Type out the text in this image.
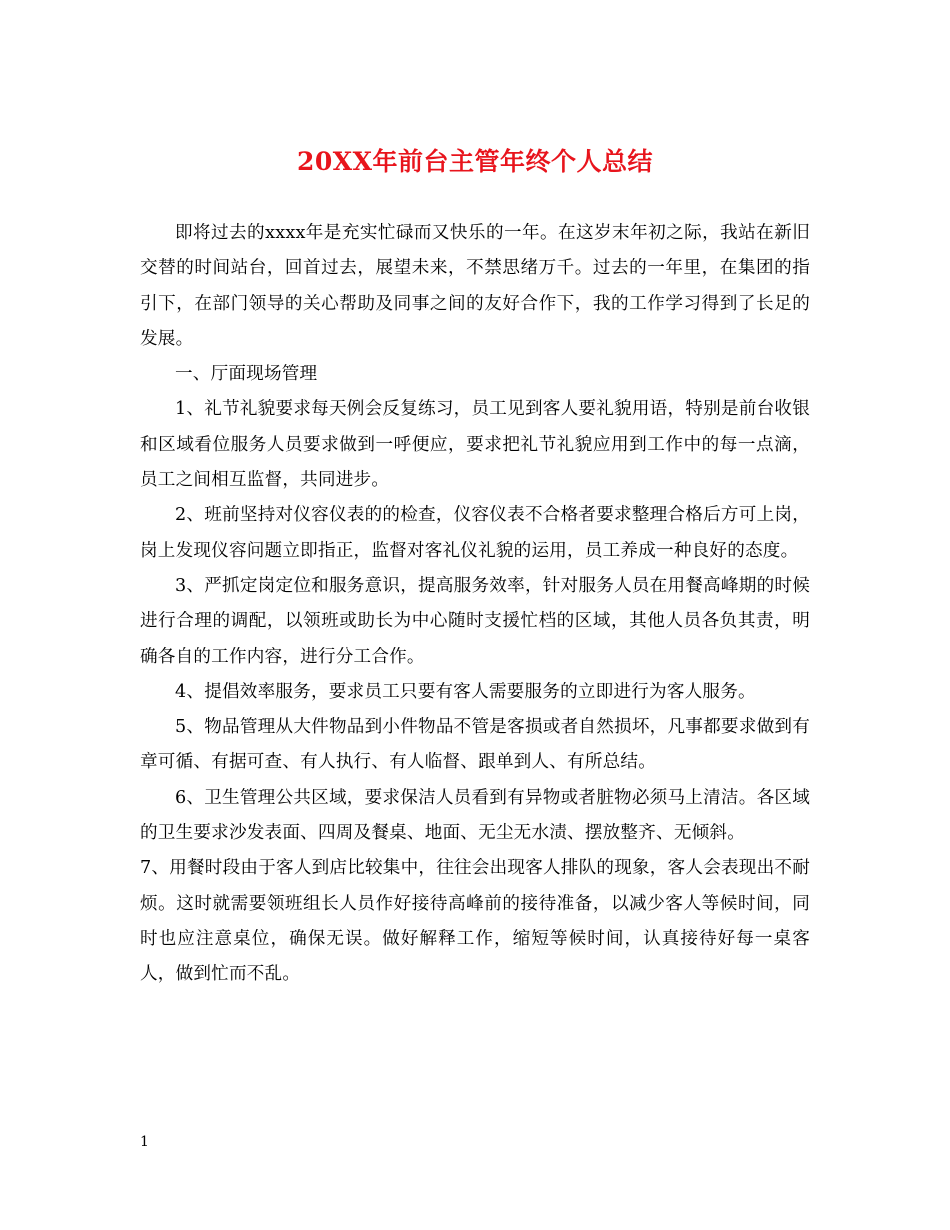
20XX年前台主管年终个人总结

即将过去的xxxx年是充实忙碌而又快乐的一年。在这岁末年初之际，我站在新旧交替的时间站台，回首过去，展望未来，不禁思绪万千。过去的一年里，在集团的指引下，在部门领导的关心帮助及同事之间的友好合作下，我的工作学习得到了长足的发展。

一、厅面现场管理

1、礼节礼貌要求每天例会反复练习，员工见到客人要礼貌用语，特别是前台收银和区域看位服务人员要求做到一呼便应，要求把礼节礼貌应用到工作中的每一点滴，员工之间相互监督，共同进步。

2、班前坚持对仪容仪表的的检查，仪容仪表不合格者要求整理合格后方可上岗，岗上发现仪容问题立即指正，监督对客礼仪礼貌的运用，员工养成一种良好的态度。

3、严抓定岗定位和服务意识，提高服务效率，针对服务人员在用餐高峰期的时候进行合理的调配，以领班或助长为中心随时支援忙档的区域，其他人员各负其责，明确各自的工作内容，进行分工合作。

4、提倡效率服务，要求员工只要有客人需要服务的立即进行为客人服务。

5、物品管理从大件物品到小件物品不管是客损或者自然损坏，凡事都要求做到有章可循、有据可查、有人执行、有人临督、跟单到人、有所总结。

6、卫生管理公共区域，要求保洁人员看到有异物或者脏物必须马上清洁。各区域的卫生要求沙发表面、四周及餐桌、地面、无尘无水渍、摆放整齐、无倾斜。

7、用餐时段由于客人到店比较集中，往往会出现客人排队的现象，客人会表现出不耐烦。这时就需要领班组长人员作好接待高峰前的接待准备，以减少客人等候时间，同时也应注意桌位，确保无误。做好解释工作，缩短等候时间，认真接待好每一桌客人，做到忙而不乱。

1
